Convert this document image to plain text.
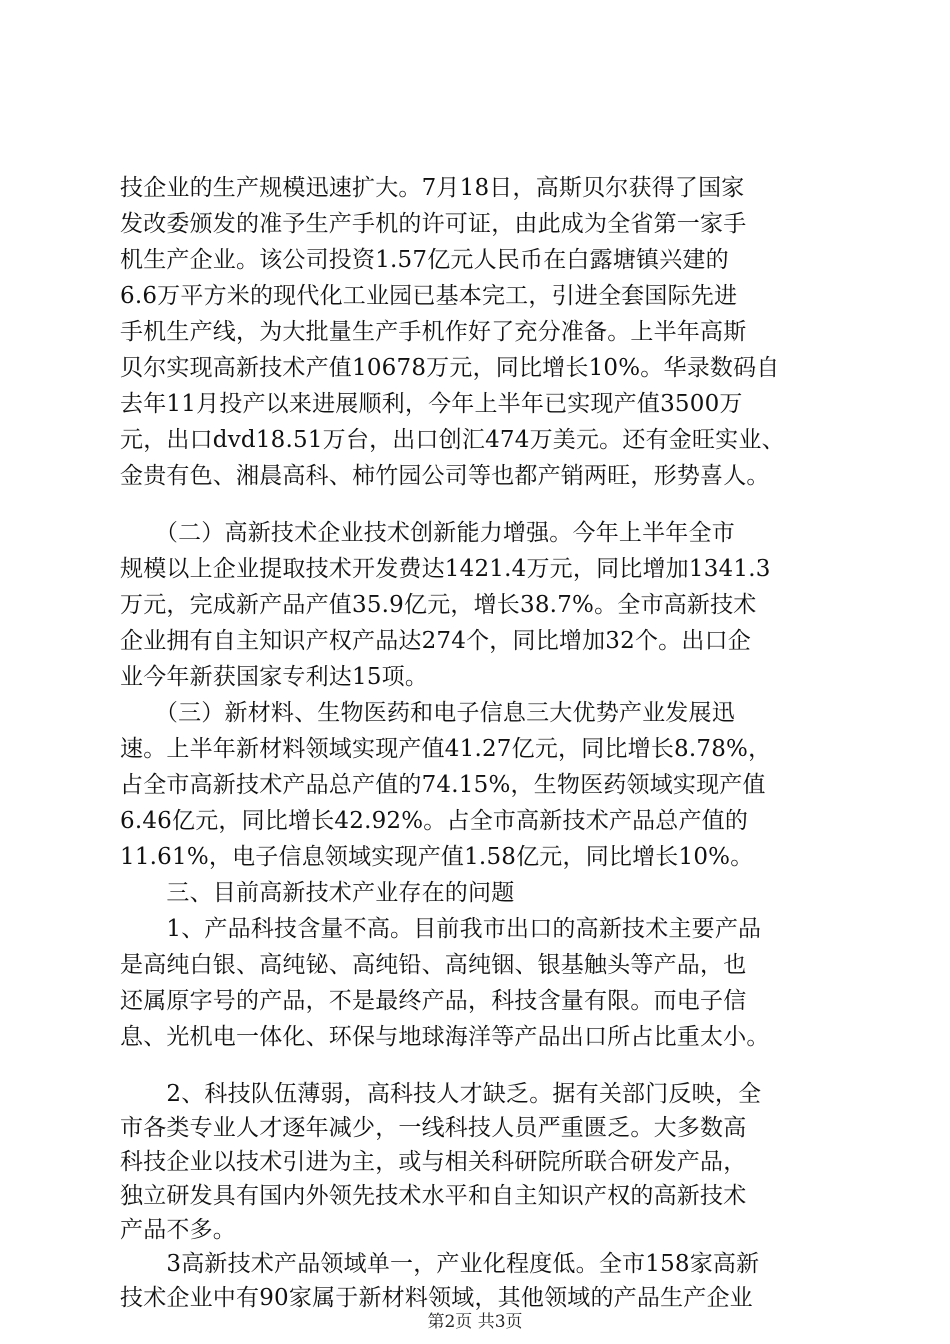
技企业的生产规模迅速扩大。7月18日，高斯贝尔获得了国家
发改委颁发的准予生产手机的许可证，由此成为全省第一家手
机生产企业。该公司投资1.57亿元人民币在白露塘镇兴建的
6.6万平方米的现代化工业园已基本完工，引进全套国际先进
手机生产线，为大批量生产手机作好了充分准备。上半年高斯
贝尔实现高新技术产值10678万元，同比增长10%。华录数码自
去年11月投产以来进展顺利，今年上半年已实现产值3500万
元，出口dvd18.51万台，出口创汇474万美元。还有金旺实业、
金贵有色、湘晨高科、柿竹园公司等也都产销两旺，形势喜人。
　　（二）高新技术企业技术创新能力增强。今年上半年全市
规模以上企业提取技术开发费达1421.4万元，同比增加1341.3
万元，完成新产品产值35.9亿元，增长38.7%。全市高新技术
企业拥有自主知识产权产品达274个，同比增加32个。出口企
业今年新获国家专利达15项。
　　（三）新材料、生物医药和电子信息三大优势产业发展迅
速。上半年新材料领域实现产值41.27亿元，同比增长8.78%，
占全市高新技术产品总产值的74.15%，生物医药领域实现产值
6.46亿元，同比增长42.92%。占全市高新技术产品总产值的
11.61%，电子信息领域实现产值1.58亿元，同比增长10%。
　　三、目前高新技术产业存在的问题
　　1、产品科技含量不高。目前我市出口的高新技术主要产品
是高纯白银、高纯铋、高纯铅、高纯铟、银基触头等产品，也
还属原字号的产品，不是最终产品，科技含量有限。而电子信
息、光机电一体化、环保与地球海洋等产品出口所占比重太小。
　　2、科技队伍薄弱，高科技人才缺乏。据有关部门反映，全
市各类专业人才逐年减少，一线科技人员严重匮乏。大多数高
科技企业以技术引进为主，或与相关科研院所联合研发产品，
独立研发具有国内外领先技术水平和自主知识产权的高新技术
产品不多。
　　3高新技术产品领域单一，产业化程度低。全市158家高新
技术企业中有90家属于新材料领域，其他领域的产品生产企业
第2页 共3页
